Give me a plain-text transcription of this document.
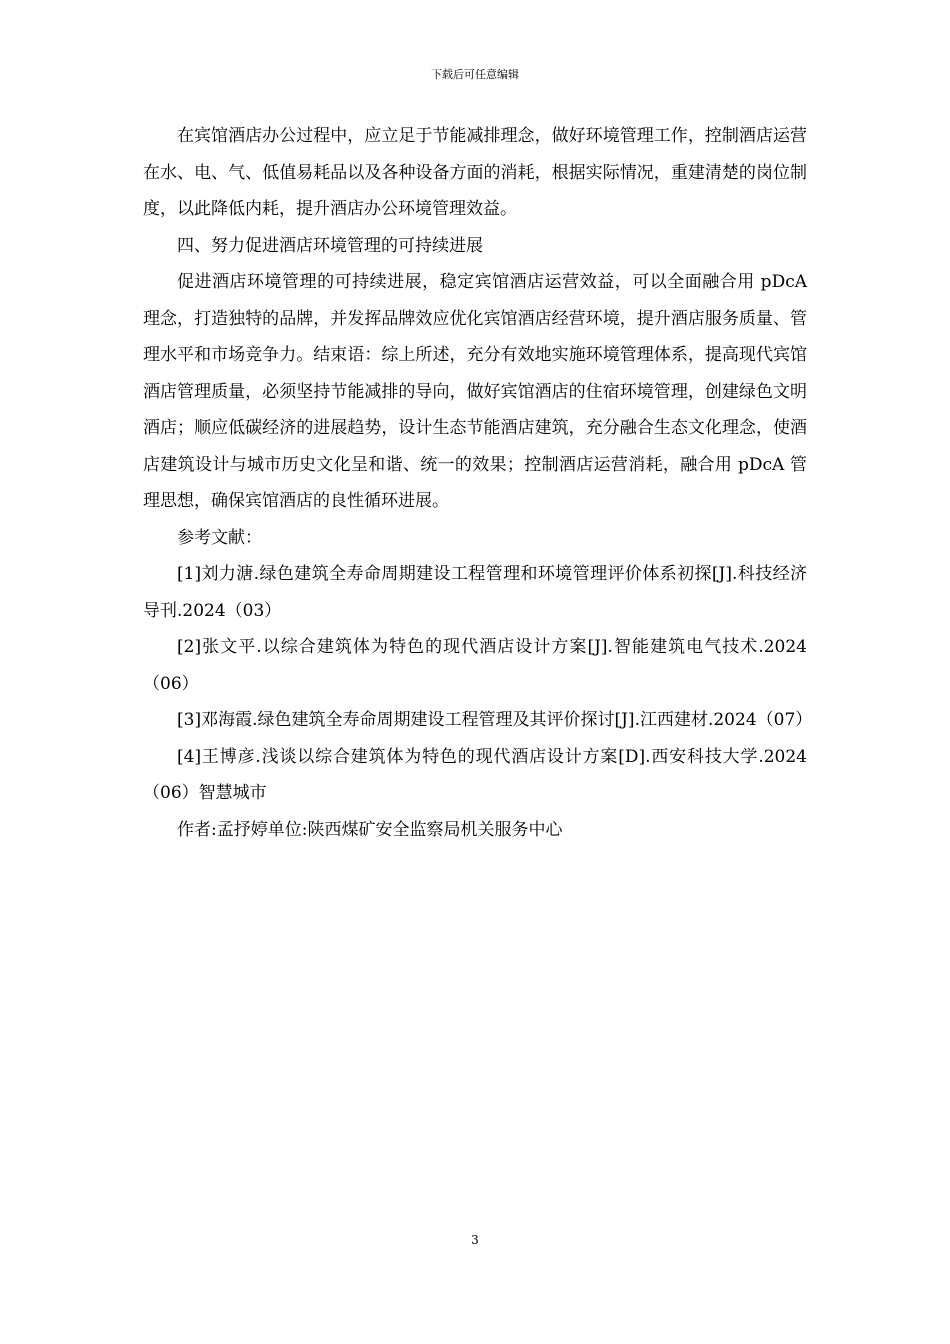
下载后可任意编辑

在宾馆酒店办公过程中，应立足于节能减排理念，做好环境管理工作，控制酒店运营在水、电、气、低值易耗品以及各种设备方面的消耗，根据实际情况，重建清楚的岗位制度，以此降低内耗，提升酒店办公环境管理效益。

四、努力促进酒店环境管理的可持续进展

促进酒店环境管理的可持续进展，稳定宾馆酒店运营效益，可以全面融合用 pDcA 理念，打造独特的品牌，并发挥品牌效应优化宾馆酒店经营环境，提升酒店服务质量、管理水平和市场竞争力。结束语：综上所述，充分有效地实施环境管理体系，提高现代宾馆酒店管理质量，必须坚持节能减排的导向，做好宾馆酒店的住宿环境管理，创建绿色文明酒店；顺应低碳经济的进展趋势，设计生态节能酒店建筑，充分融合生态文化理念，使酒店建筑设计与城市历史文化呈和谐、统一的效果；控制酒店运营消耗，融合用 pDcA 管理思想，确保宾馆酒店的良性循环进展。

参考文献：

[1]刘力溏.绿色建筑全寿命周期建设工程管理和环境管理评价体系初探[J].科技经济导刊.2024（03）

[2]张文平.以综合建筑体为特色的现代酒店设计方案[J].智能建筑电气技术.2024（06）

[3]邓海霞.绿色建筑全寿命周期建设工程管理及其评价探讨[J].江西建材.2024（07）

[4]王博彦.浅谈以综合建筑体为特色的现代酒店设计方案[D].西安科技大学.2024（06）智慧城市

作者:孟抒婷单位:陕西煤矿安全监察局机关服务中心

3
